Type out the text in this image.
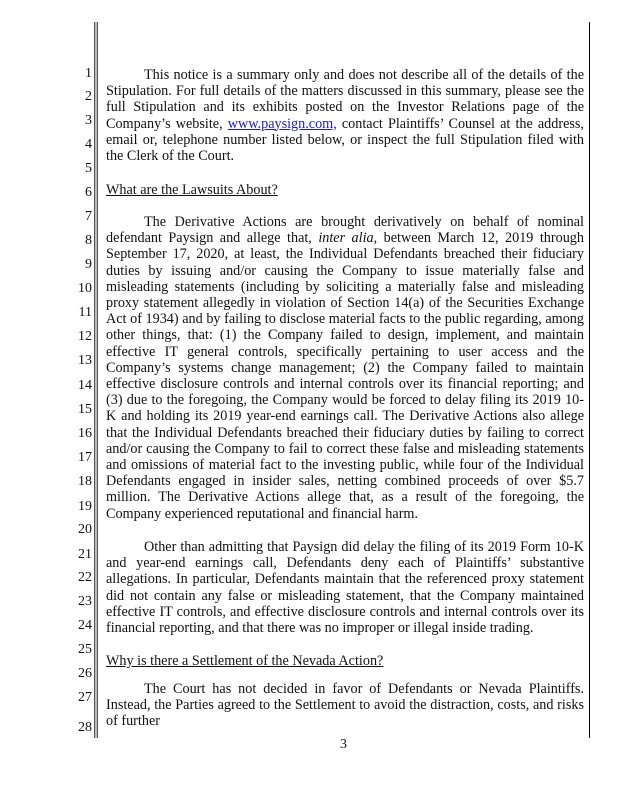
1
2
3
4
5
6
7
8
9
10
11
12
13
14
15
16
17
18
19
20
21
22
23
24
25
26
27
28

This notice is a summary only and does not describe all of the details of the Stipulation. For full details of the matters discussed in this summary, please see the full Stipulation and its exhibits posted on the Investor Relations page of the Company’s website, www.paysign.com, contact Plaintiffs’ Counsel at the address, email or, telephone number listed below, or inspect the full Stipulation filed with the Clerk of the Court.

What are the Lawsuits About?

The Derivative Actions are brought derivatively on behalf of nominal defendant Paysign and allege that, inter alia, between March 12, 2019 through September 17, 2020, at least, the Individual Defendants breached their fiduciary duties by issuing and/or causing the Company to issue materially false and misleading statements (including by soliciting a materially false and misleading proxy statement allegedly in violation of Section 14(a) of the Securities Exchange Act of 1934) and by failing to disclose material facts to the public regarding, among other things, that: (1) the Company failed to design, implement, and maintain effective IT general controls, specifically pertaining to user access and the Company’s systems change management; (2) the Company failed to maintain effective disclosure controls and internal controls over its financial reporting; and (3) due to the foregoing, the Company would be forced to delay filing its 2019 10-K and holding its 2019 year-end earnings call. The Derivative Actions also allege that the Individual Defendants breached their fiduciary duties by failing to correct and/or causing the Company to fail to correct these false and misleading statements and omissions of material fact to the investing public, while four of the Individual Defendants engaged in insider sales, netting combined proceeds of over $5.7 million. The Derivative Actions allege that, as a result of the foregoing, the Company experienced reputational and financial harm.

Other than admitting that Paysign did delay the filing of its 2019 Form 10-K and year-end earnings call, Defendants deny each of Plaintiffs’ substantive allegations. In particular, Defendants maintain that the referenced proxy statement did not contain any false or misleading statement, that the Company maintained effective IT controls, and effective disclosure controls and internal controls over its financial reporting, and that there was no improper or illegal inside trading.

Why is there a Settlement of the Nevada Action?

The Court has not decided in favor of Defendants or Nevada Plaintiffs. Instead, the Parties agreed to the Settlement to avoid the distraction, costs, and risks of further

3
